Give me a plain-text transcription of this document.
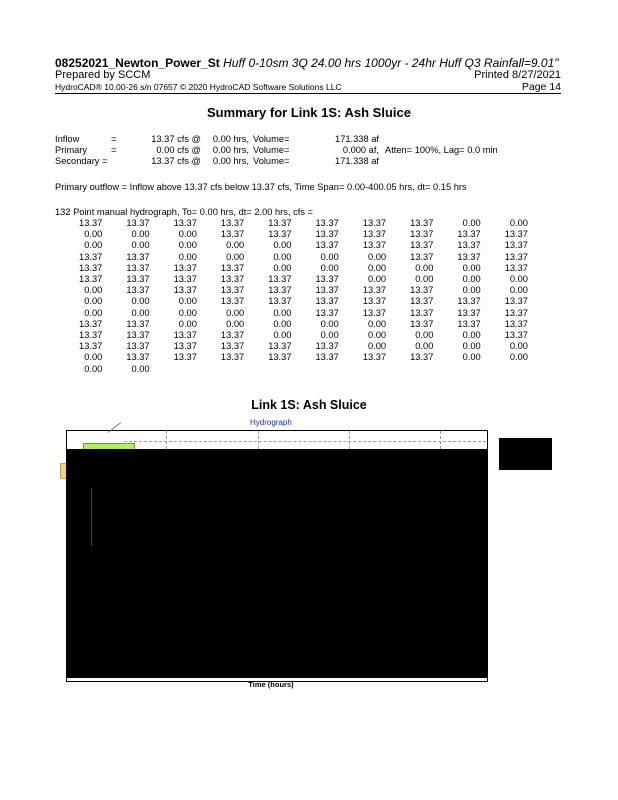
08252021_Newton_Power_St Huff 0-10sm 3Q 24.00 hrs 1000yr - 24hr Huff Q3 Rainfall=9.01"
Prepared by SCCM	Printed 8/27/2021
HydroCAD® 10.00-26 s/n 07657 © 2020 HydroCAD Software Solutions LLC	Page 14
Summary for Link 1S: Ash Sluice
Inflow	=	13.37 cfs @	0.00 hrs,	Volume=	171.338 af	
Primary	=	0.00 cfs @	0.00 hrs,	Volume=	0.000 af,	Atten= 100%, Lag= 0.0 min
Secondary =		13.37 cfs @	0.00 hrs,	Volume=	171.338 af	
Primary outflow = Inflow above 13.37 cfs below 13.37 cfs, Time Span= 0.00-400.05 hrs, dt= 0.15 hrs
132 Point manual hydrograph, To= 0.00 hrs, dt= 2.00 hrs, cfs =
13.37	13.37	13.37	13.37	13.37	13.37	13.37	13.37	0.00	0.00
0.00	0.00	0.00	13.37	13.37	13.37	13.37	13.37	13.37	13.37
0.00	0.00	0.00	0.00	0.00	13.37	13.37	13.37	13.37	13.37
13.37	13.37	0.00	0.00	0.00	0.00	0.00	13.37	13.37	13.37
13.37	13.37	13.37	13.37	0.00	0.00	0.00	0.00	0.00	13.37
13.37	13.37	13.37	13.37	13.37	13.37	0.00	0.00	0.00	0.00
0.00	13.37	13.37	13.37	13.37	13.37	13.37	13.37	0.00	0.00
0.00	0.00	0.00	13.37	13.37	13.37	13.37	13.37	13.37	13.37
0.00	0.00	0.00	0.00	0.00	13.37	13.37	13.37	13.37	13.37
13.37	13.37	0.00	0.00	0.00	0.00	0.00	13.37	13.37	13.37
13.37	13.37	13.37	13.37	0.00	0.00	0.00	0.00	0.00	13.37
13.37	13.37	13.37	13.37	13.37	13.37	0.00	0.00	0.00	0.00
0.00	13.37	13.37	13.37	13.37	13.37	13.37	13.37	0.00	0.00
0.00	0.00								
Link 1S: Ash Sluice
Hydrograph
Time (hours)
